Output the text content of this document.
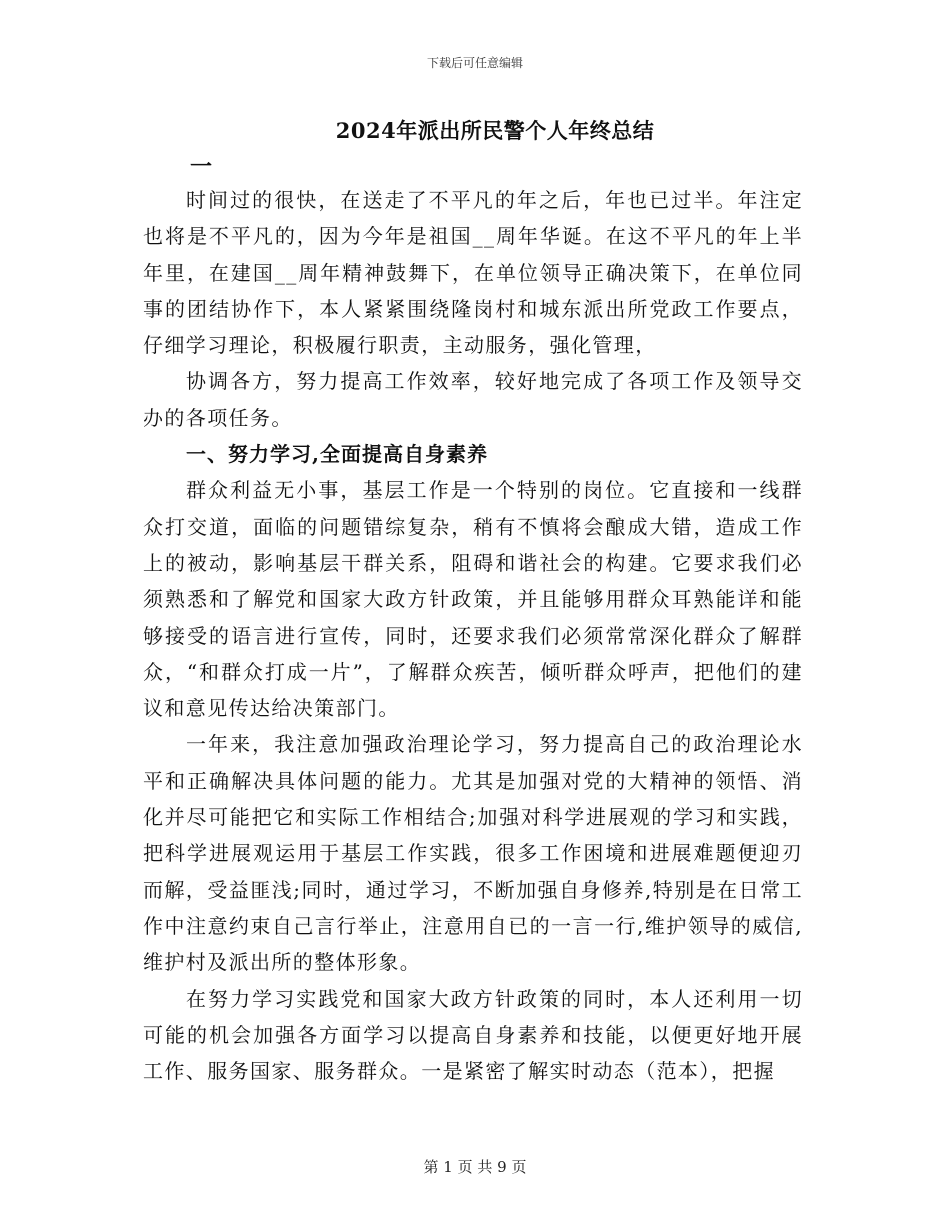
下载后可任意编辑
2024年派出所民警个人年终总结
一

时间过的很快，在送走了不平凡的年之后，年也已过半。年注定也将是不平凡的，因为今年是祖国__周年华诞。在这不平凡的年上半年里，在建国__周年精神鼓舞下，在单位领导正确决策下，在单位同事的团结协作下，本人紧紧围绕隆岗村和城东派出所党政工作要点，仔细学习理论，积极履行职责，主动服务，强化管理，

协调各方，努力提高工作效率，较好地完成了各项工作及领导交办的各项任务。

一、努力学习,全面提高自身素养

群众利益无小事，基层工作是一个特别的岗位。它直接和一线群众打交道，面临的问题错综复杂，稍有不慎将会酿成大错，造成工作上的被动，影响基层干群关系，阻碍和谐社会的构建。它要求我们必须熟悉和了解党和国家大政方针政策，并且能够用群众耳熟能详和能够接受的语言进行宣传，同时，还要求我们必须常常深化群众了解群众，“和群众打成一片”，了解群众疾苦，倾听群众呼声，把他们的建议和意见传达给决策部门。

一年来，我注意加强政治理论学习，努力提高自己的政治理论水平和正确解决具体问题的能力。尤其是加强对党的大精神的领悟、消化并尽可能把它和实际工作相结合;加强对科学进展观的学习和实践，把科学进展观运用于基层工作实践，很多工作困境和进展难题便迎刃而解，受益匪浅;同时，通过学习，不断加强自身修养,特别是在日常工作中注意约束自己言行举止，注意用自已的一言一行,维护领导的威信,维护村及派出所的整体形象。

在努力学习实践党和国家大政方针政策的同时，本人还利用一切可能的机会加强各方面学习以提高自身素养和技能，以便更好地开展工作、服务国家、服务群众。一是紧密了解实时动态（范本），把握

第 1 页 共 9 页
